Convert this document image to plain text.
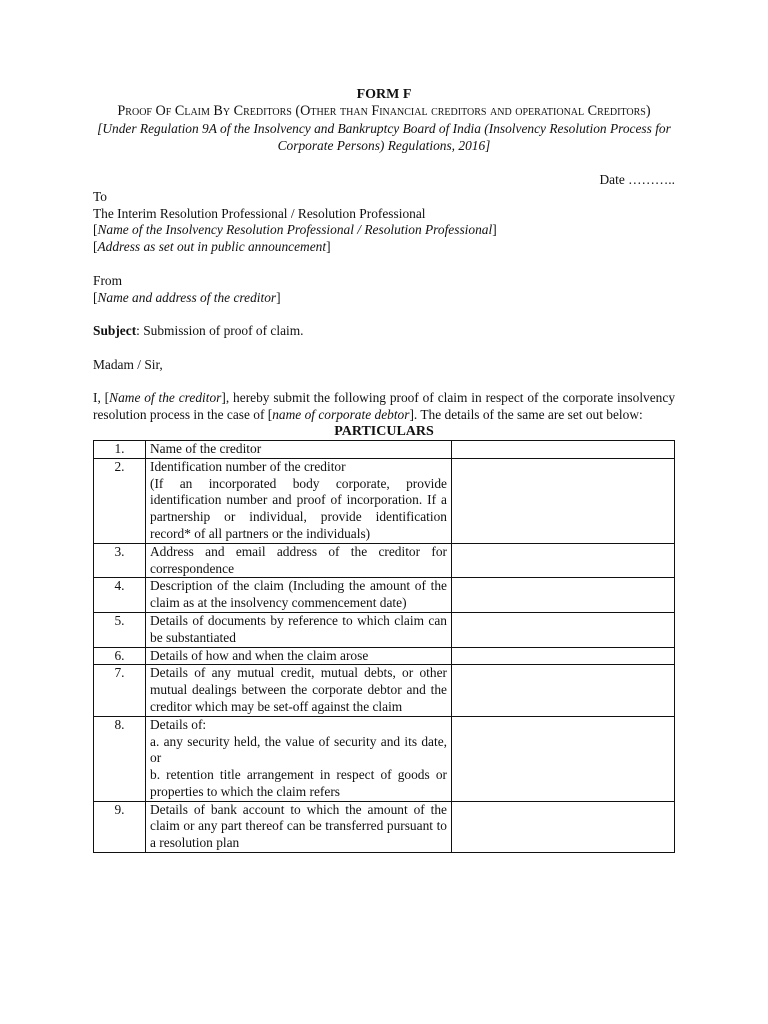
FORM F
Proof Of Claim By Creditors (Other than Financial creditors and operational Creditors)
[Under Regulation 9A of the Insolvency and Bankruptcy Board of India (Insolvency Resolution Process for Corporate Persons) Regulations, 2016]
Date ………..
To
The Interim Resolution Professional / Resolution Professional
[Name of the Insolvency Resolution Professional / Resolution Professional]
[Address as set out in public announcement]
From
[Name and address of the creditor]
Subject: Submission of proof of claim.
Madam / Sir,
I, [Name of the creditor], hereby submit the following proof of claim in respect of the corporate insolvency resolution process in the case of [name of corporate debtor]. The details of the same are set out below:
PARTICULARS
1.	Name of the creditor	

2.	Identification number of the creditor
(If an incorporated body corporate, provide identification number and proof of incorporation. If a partnership or individual, provide identification record* of all partners or the individuals)	

3.	Address and email address of the creditor for correspondence	

4.	Description of the claim (Including the amount of the claim as at the insolvency commencement date)	

5.	Details of documents by reference to which claim can be substantiated	

6.	Details of how and when the claim arose	

7.	Details of any mutual credit, mutual debts, or other mutual dealings between the corporate debtor and the creditor which may be set-off against the claim	

8.	Details of:
a. any security held, the value of security and its date, or
b. retention title arrangement in respect of goods or properties to which the claim refers	

9.	Details of bank account to which the amount of the claim or any part thereof can be transferred pursuant to a resolution plan	
